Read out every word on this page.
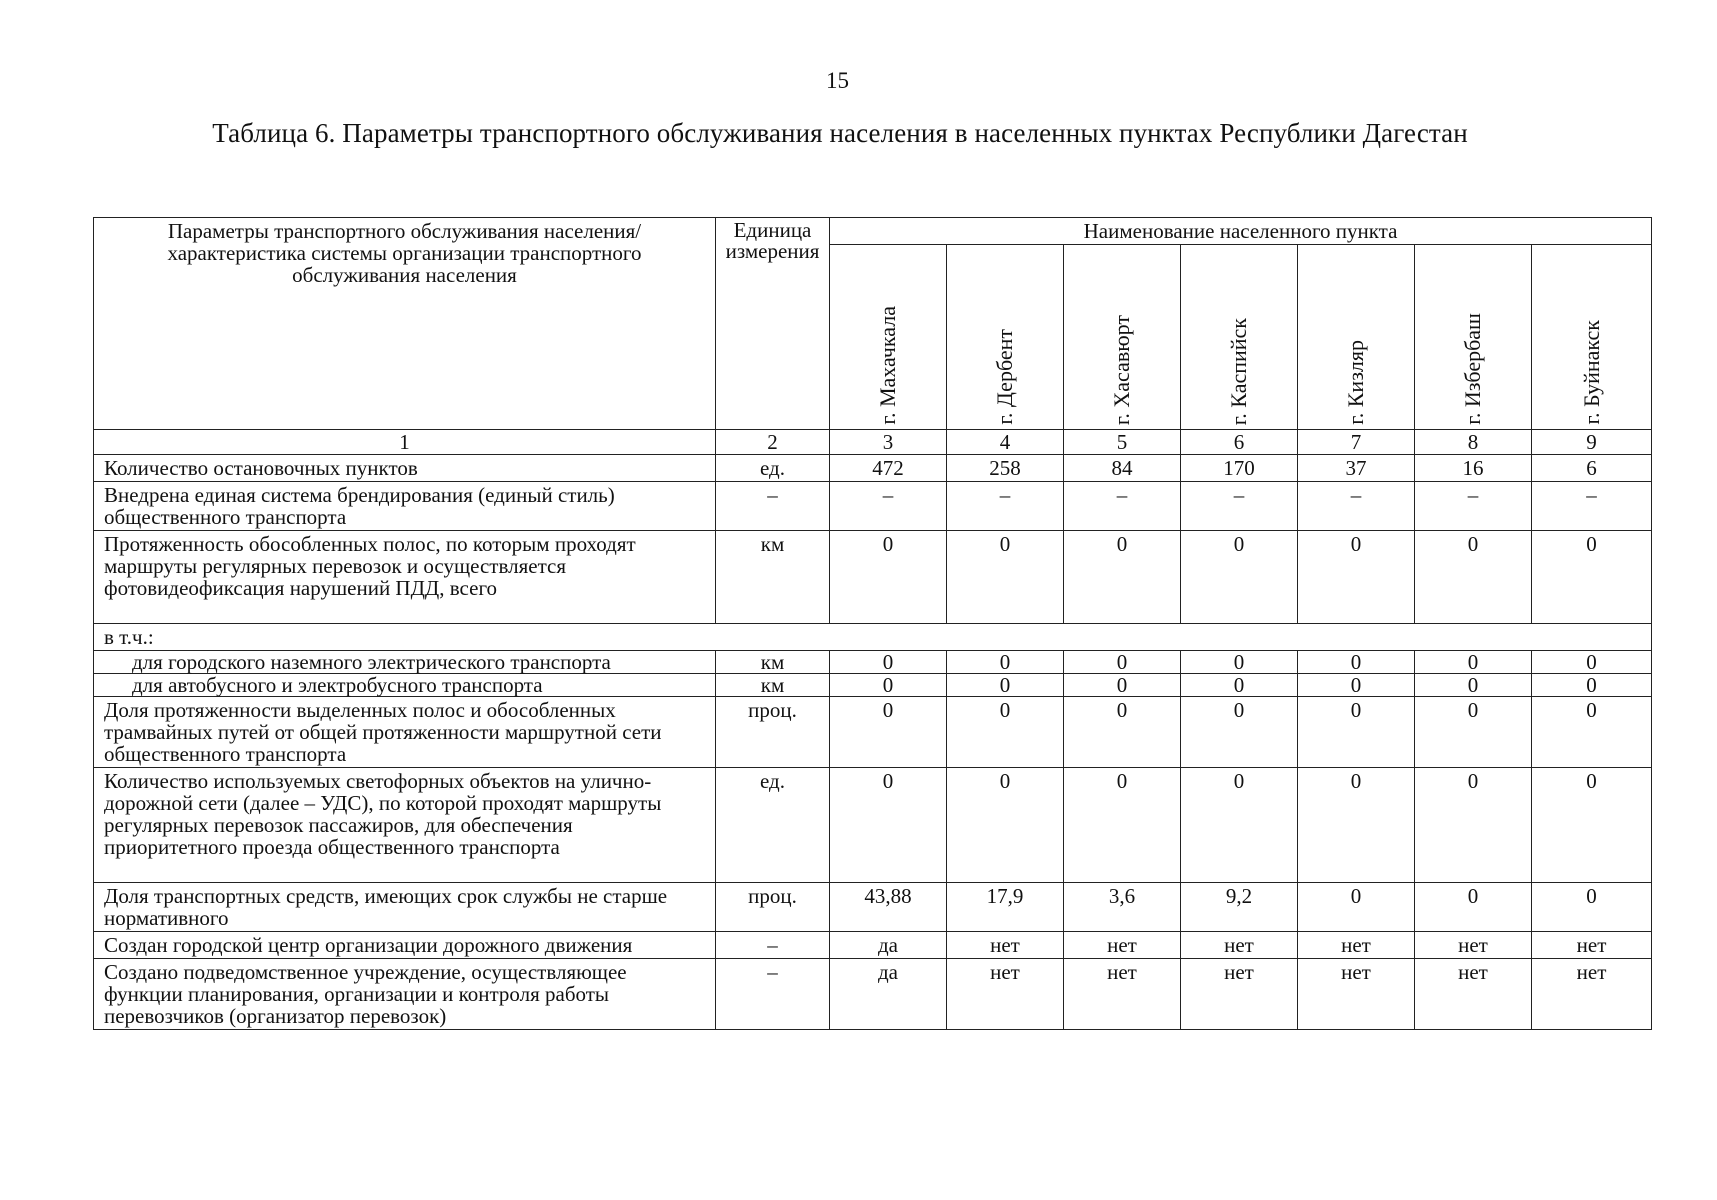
15
Таблица 6. Параметры транспортного обслуживания населения в населенных пунктах Республики Дагестан
Параметры транспортного обслуживания населения/ характеристика системы организации транспортного обслуживания населения	Единица измерения	Наименование населенного пункта						

		г. Махачкала	г. Дербент	г. Хасавюрт	г. Каспийск	г. Кизляр	г. Избербаш	г. Буйнакск

1	2	3	4	5	6	7	8	9
Количество остановочных пунктов	ед.	472	258	84	170	37	16	6
Внедрена единая система брендирования (единый стиль) общественного транспорта	–	–	–	–	–	–	–	–
Протяженность обособленных полос, по которым проходят маршруты регулярных перевозок и осуществляется фотовидеофиксация нарушений ПДД, всего	км	0	0	0	0	0	0	0
в т.ч.:								
для городского наземного электрического транспорта	км	0	0	0	0	0	0	0
для автобусного и электробусного транспорта	км	0	0	0	0	0	0	0
Доля протяженности выделенных полос и обособленных трамвайных путей от общей протяженности маршрутной сети общественного транспорта	проц.	0	0	0	0	0	0	0
Количество используемых светофорных объектов на улично-дорожной сети (далее – УДС), по которой проходят маршруты регулярных перевозок пассажиров, для обеспечения приоритетного проезда общественного транспорта	ед.	0	0	0	0	0	0	0
Доля транспортных средств, имеющих срок службы не старше нормативного	проц.	43,88	17,9	3,6	9,2	0	0	0
Создан городской центр организации дорожного движения	–	да	нет	нет	нет	нет	нет	нет
Создано подведомственное учреждение, осуществляющее функции планирования, организации и контроля работы перевозчиков (организатор перевозок)	–	да	нет	нет	нет	нет	нет	нет
